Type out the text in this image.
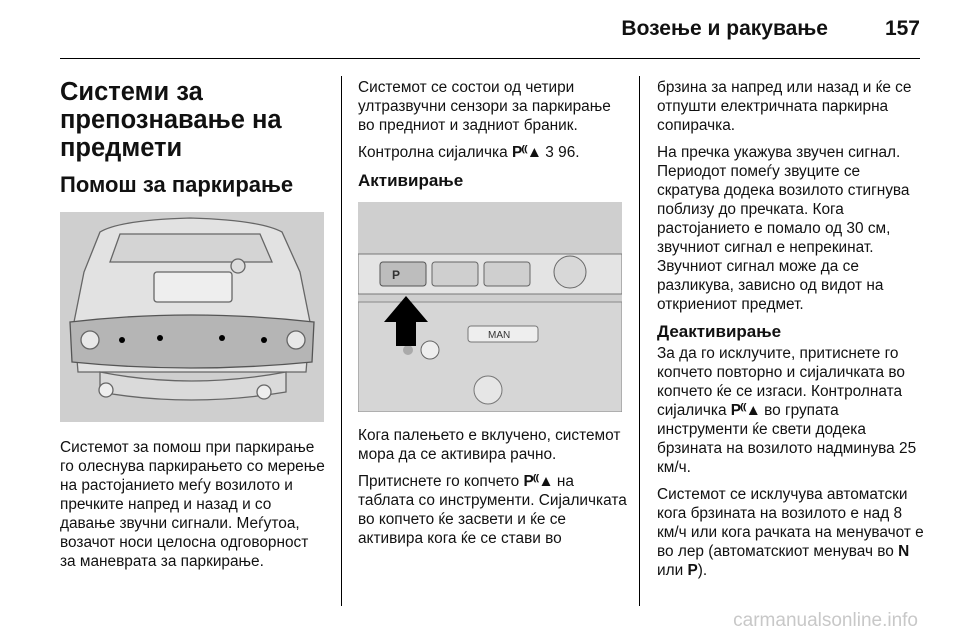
Возење и ракување	157
Системи за препознавање на предмети
Помош за паркирање

Системот за помош при паркирање го олеснува паркирањето со мерење на растојанието меѓу возилото и пречките напред и назад и со давање звучни сигнали. Меѓутоа, возачот носи целосна одговорност за маневрата за паркирање.

Системот се состои од четири ултразвучни сензори за паркирање во предниот и задниот браник.

Контролна сијаличка P⁽⁽▲ 3 96.

Активирање
P
MAN

Кога палењето е вклучено, системот мора да се активира рачно.

Притиснете го копчето P⁽⁽▲ на таблата со инструменти. Сијаличката во копчето ќе засвети и ќе се активира кога ќе се стави во

брзина за напред или назад и ќе се отпушти електричната паркирна сопирачка.

На пречка укажува звучен сигнал. Периодот помеѓу звуците се скратува додека возилото стигнува поблизу до пречката. Кога растојанието е помало од 30 см, звучниот сигнал е непрекинат. Звучниот сигнал може да се разликува, зависно од видот на откриениот предмет.

Деактивирање

За да го исклучите, притиснете го копчето повторно и сијаличката во копчето ќе се изгаси. Контролната сијаличка P⁽⁽▲ во групата инструменти ќе свети додека брзината на возилото надминува 25 км/ч.

Системот се исклучува автоматски кога брзината на возилото е над 8 км/ч или кога рачката на менувачот е во лер (автоматскиот менувач во N или P).

carmanualsonline.info
